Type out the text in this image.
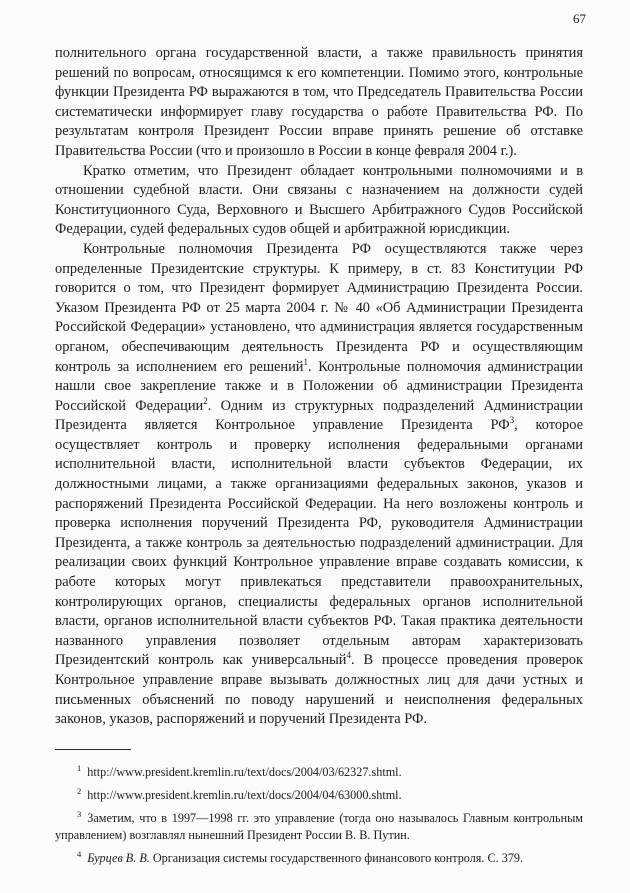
67

полнительного органа государственной власти, а также правильность принятия решений по вопросам, относящимся к его компетенции. Помимо этого, контрольные функции Президента РФ выражаются в том, что Председатель Правительства России систематически информирует главу государства о работе Правительства РФ. По результатам контроля Президент России вправе принять решение об отставке Правительства России (что и произошло в России в конце февраля 2004 г.).

Кратко отметим, что Президент обладает контрольными полномочиями и в отношении судебной власти. Они связаны с назначением на должности судей Конституционного Суда, Верховного и Высшего Арбитражного Судов Российской Федерации, судей федеральных судов общей и арбитражной юрисдикции.

Контрольные полномочия Президента РФ осуществляются также через определенные Президентские структуры. К примеру, в ст. 83 Конституции РФ говорится о том, что Президент формирует Администрацию Президента России. Указом Президента РФ от 25 марта 2004 г. № 40 «Об Администрации Президента Российской Федерации» установлено, что администрация является государственным органом, обеспечивающим деятельность Президента РФ и осуществляющим контроль за исполнением его решений$^1$. Контрольные полномочия администрации нашли свое закрепление также и в Положении об администрации Президента Российской Федерации$^2$. Одним из структурных подразделений Администрации Президента является Контрольное управление Президента $РФ^3$, которое осуществляет контроль и проверку исполнения федеральными органами исполнительной власти, исполнительной власти субъектов Федерации, их должностными лицами, а также организациями федеральных законов, указов и распоряжений Президента Российской Федерации. На него возложены контроль и проверка исполнения поручений Президента РФ, руководителя Администрации Президента, а также контроль за деятельностью подразделений администрации. Для реализации своих функций Контрольное управление вправе создавать комиссии, к работе которых могут привлекаться представители правоохранительных, контролирующих органов, специалисты федеральных органов исполнительной власти, органов исполнительной власти субъектов РФ. Такая практика деятельности названного управления позволяет отдельным авторам характеризовать Президентский контроль как универсальный$^4$. В процессе проведения проверок Контрольное управление вправе вызывать должностных лиц для дачи устных и письменных объяснений по поводу нарушений и неисполнения федеральных законов, указов, распоряжений и поручений Президента РФ.

$^1$ http://www.president.kremlin.ru/text/docs/2004/03/62327.shtml.

$^2$ http://www.president.kremlin.ru/text/docs/2004/04/63000.shtml.

$^3$ Заметим, что в 1997—1998 гг. это управление (тогда оно называлось Главным контрольным управлением) возглавлял нынешний Президент России В. В. Путин.

$^4$ Бурцев В. В. Организация системы государственного финансового контроля. С. 379.
